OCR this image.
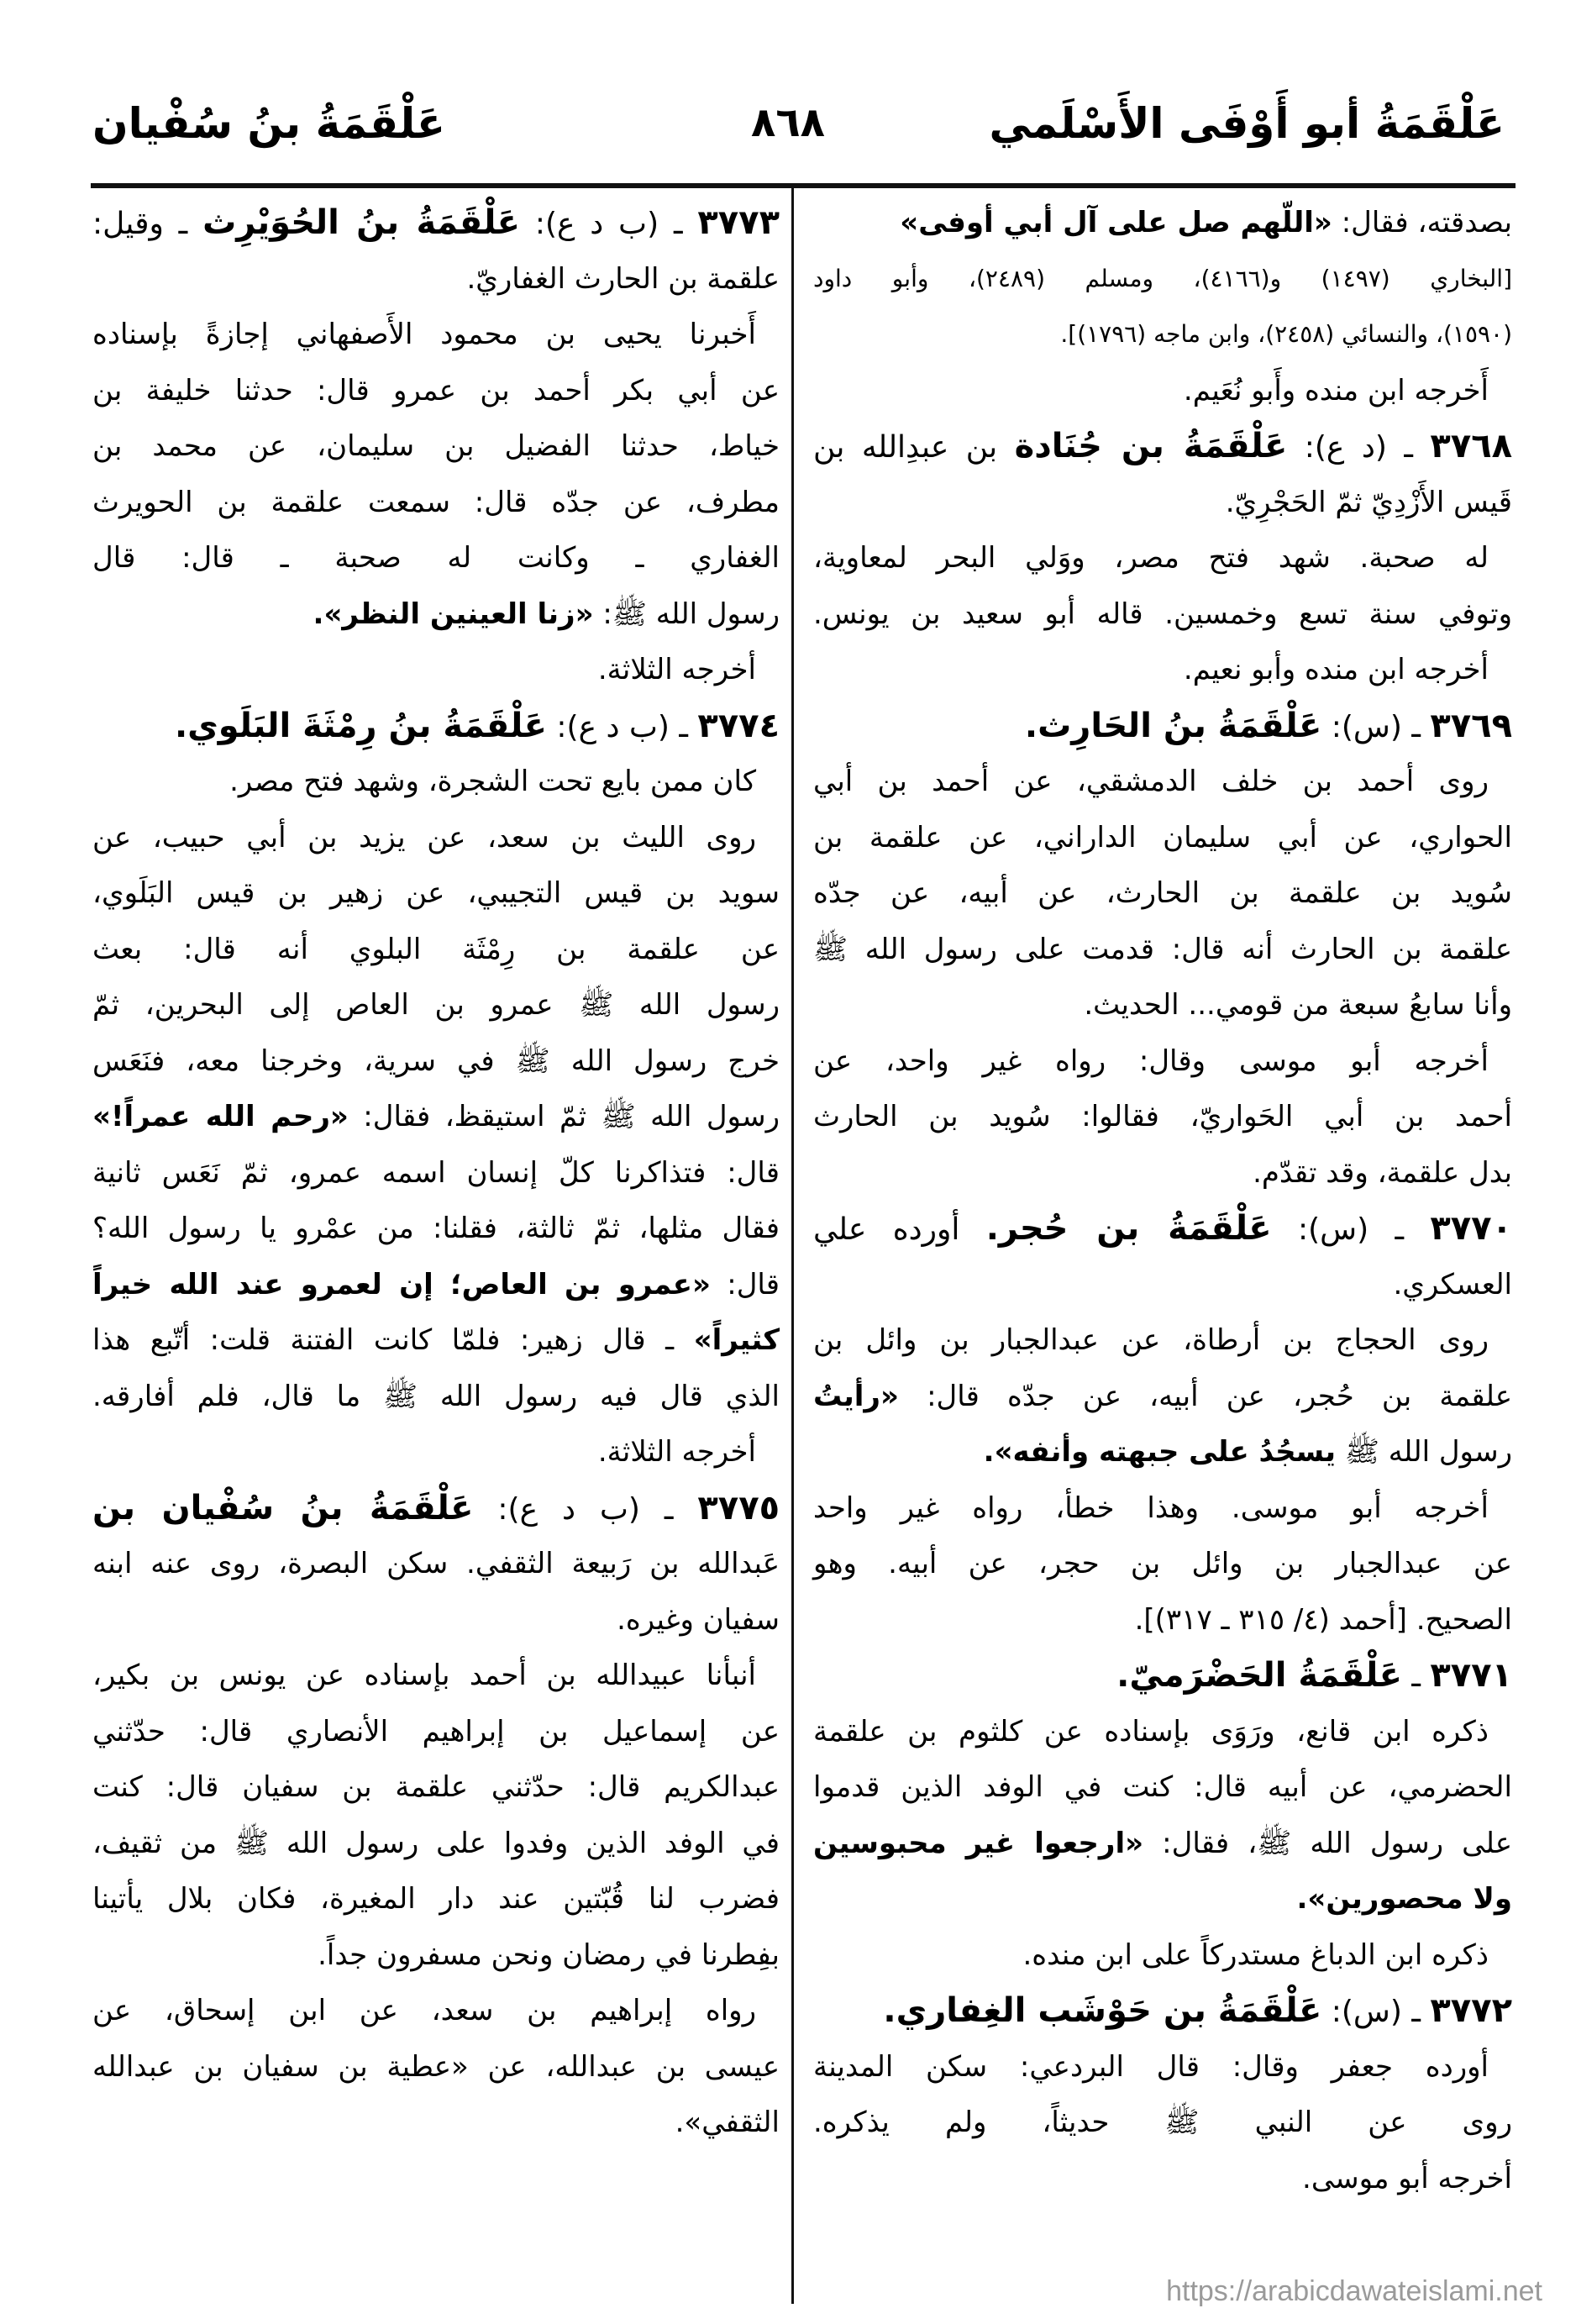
عَلْقَمَةُ أبو أَوْفَى الأَسْلَمي
٨٦٨
عَلْقَمَةُ بنُ سُفْيان
بصدقته، فقال: «اللّهم صل على آل أبي أوفى»
[البخاري (١٤٩٧) و(٤١٦٦)، ومسلم (٢٤٨٩)، وأبو داود
(١٥٩٠)، والنسائي (٢٤٥٨)، وابن ماجه (١٧٩٦)].
أَخرجه ابن منده وأَبو نُعَيم.
٣٧٦٨ ـ (د ع): عَلْقَمَةُ بن جُنَادة بن عبدِالله بن
قَيس الأَزْدِيّ ثمّ الحَجْرِيّ.
له صحبة. شهد فتح مصر، ووَلي البحر لمعاوية،
وتوفي سنة تسع وخمسين. قاله أبو سعيد بن يونس.
أخرجه ابن منده وأبو نعيم.
٣٧٦٩ ـ (س): عَلْقَمَةُ بنُ الحَارِث.
روى أحمد بن خلف الدمشقي، عن أحمد بن أبي
الحواري، عن أبي سليمان الداراني، عن علقمة بن
سُويد بن علقمة بن الحارث، عن أبيه، عن جدّه
علقمة بن الحارث أنه قال: قدمت على رسول الله ﷺ
وأنا سابعُ سبعة من قومي... الحديث.
أخرجه أبو موسى وقال: رواه غير واحد، عن
أحمد بن أبي الحَواريّ، فقالوا: سُويد بن الحارث
بدل علقمة، وقد تقدّم.
٣٧٧٠ ـ (س): عَلْقَمَةُ بن حُجر. أورده علي
العسكري.
روى الحجاج بن أرطاة، عن عبدالجبار بن وائل بن
علقمة بن حُجر، عن أبيه، عن جدّه قال: «رأيتُ
رسول الله ﷺ يسجُدُ على جبهته وأنفه».
أخرجه أبو موسى. وهذا خطأ، رواه غير واحد
عن عبدالجبار بن وائل بن حجر، عن أبيه. وهو
الصحيح. [أحمد (٤/ ٣١٥ ـ ٣١٧)].
٣٧٧١ ـ عَلْقَمَةُ الحَضْرَميّ.
ذكره ابن قانع، ورَوَى بإسناده عن كلثوم بن علقمة
الحضرمي، عن أبيه قال: كنت في الوفد الذين قدموا
على رسول الله ﷺ، فقال: «ارجعوا غير محبوسين
ولا محصورين».
ذكره ابن الدباغ مستدركاً على ابن منده.
٣٧٧٢ ـ (س): عَلْقَمَةُ بن حَوْشَب الغِفاري.
أورده جعفر وقال: قال البردعي: سكن المدينة
روى عن النبي ﷺ حديثاً، ولم يذكره.
أخرجه أبو موسى.
٣٧٧٣ ـ (ب د ع): عَلْقَمَةُ بنُ الحُوَيْرِث ـ وقيل:
علقمة بن الحارث الغفاريّ.
أَخبرنا يحيى بن محمود الأَصفهاني إجازةً بإسناده
عن أبي بكر أحمد بن عمرو قال: حدثنا خليفة بن
خياط، حدثنا الفضيل بن سليمان، عن محمد بن
مطرف، عن جدّه قال: سمعت علقمة بن الحويرث
الغفاري ـ وكانت له صحبة ـ قال: قال
رسول الله ﷺ: «زنا العينين النظر».
أخرجه الثلاثة.
٣٧٧٤ ـ (ب د ع): عَلْقَمَةُ بنُ رِمْثَةَ البَلَوي.
كان ممن بايع تحت الشجرة، وشهد فتح مصر.
روى الليث بن سعد، عن يزيد بن أبي حبيب، عن
سويد بن قيس التجيبي، عن زهير بن قيس البَلَوي،
عن علقمة بن رِمْثَة البلوي أنه قال: بعث
رسول الله ﷺ عمرو بن العاص إلى البحرين، ثمّ
خرج رسول الله ﷺ في سرية، وخرجنا معه، فنَعَس
رسول الله ﷺ ثمّ استيقظ، فقال: «رحم الله عمراً!»
قال: فتذاكرنا كلّ إنسان اسمه عمرو، ثمّ نَعَس ثانية
فقال مثلها، ثمّ ثالثة، فقلنا: من عمْرو يا رسول الله؟
قال: «عمرو بن العاص؛ إن لعمرو عند الله خيراً
كثيراً» ـ قال زهير: فلمّا كانت الفتنة قلت: أتّبع هذا
الذي قال فيه رسول الله ﷺ ما قال، فلم أفارقه.
أخرجه الثلاثة.
٣٧٧٥ ـ (ب د ع): عَلْقَمَةُ بنُ سُفْيان بن
عَبدالله بن رَبيعة الثقفي. سكن البصرة، روى عنه ابنه
سفيان وغيره.
أنبأنا عبيدالله بن أحمد بإسناده عن يونس بن بكير،
عن إسماعيل بن إبراهيم الأنصاري قال: حدّثني
عبدالكريم قال: حدّثني علقمة بن سفيان قال: كنت
في الوفد الذين وفدوا على رسول الله ﷺ من ثقيف،
فضرب لنا قُبّتين عند دار المغيرة، فكان بلال يأتينا
بفِطرنا في رمضان ونحن مسفرون جداً.
رواه إبراهيم بن سعد، عن ابن إسحاق، عن
عيسى بن عبدالله، عن «عطية بن سفيان بن عبدالله
الثقفي».
https://arabicdawateislami.net
